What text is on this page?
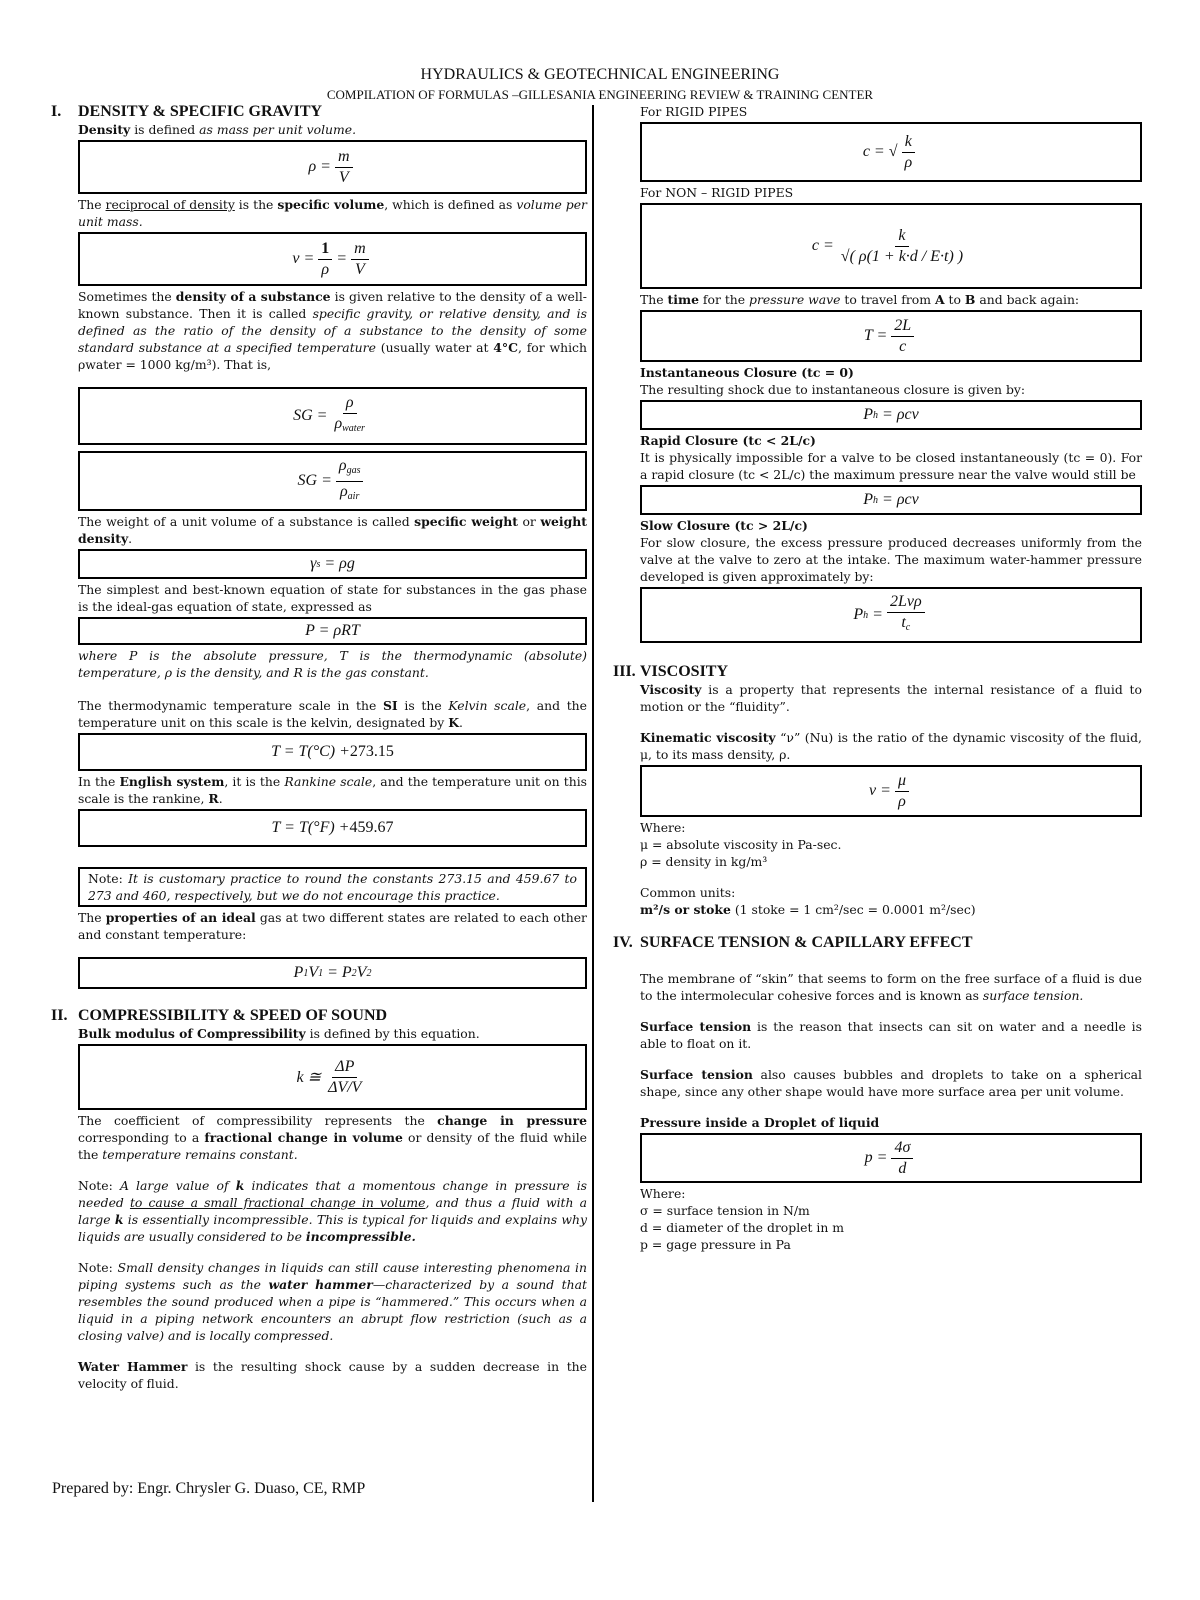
HYDRAULICS & GEOTECHNICAL ENGINEERING
COMPILATION OF FORMULAS –GILLESANIA ENGINEERING REVIEW & TRAINING CENTER
I. DENSITY & SPECIFIC GRAVITY

Density is defined as mass per unit volume.

$\rho = \frac{m}{V}$

The reciprocal of density is the specific volume, which is defined as volume per unit mass.

$\nu = \frac{1}{\rho} = \frac{m}{V}$

Sometimes the density of a substance is given relative to the density of a well-known substance. Then it is called specific gravity, or relative density, and is defined as the ratio of the density of a substance to the density of some standard substance at a specified temperature (usually water at 4°C, for which ρwater = 1000 kg/m³). That is,

SG = $\frac{\rho}{\rho_{water}}$
SG = $\frac{\rho_{gas}}{\rho_{air}}$

The weight of a unit volume of a substance is called specific weight or weight density.

γ s = ρg

The simplest and best-known equation of state for substances in the gas phase is the ideal-gas equation of state, expressed as

P = ρRT

where P is the absolute pressure, T is the thermodynamic (absolute) temperature, ρ is the density, and R is the gas constant.

The thermodynamic temperature scale in the SI is the Kelvin scale, and the temperature unit on this scale is the kelvin, designated by K.

T = T(°C) + 273.15

In the English system, it is the Rankine scale, and the temperature unit on this scale is the rankine, R.

T = T(°F) + 459.67

Note: It is customary practice to round the constants 273.15 and 459.67 to 273 and 460, respectively, but we do not encourage this practice.

The properties of an ideal gas at two different states are related to each other and constant temperature:

P 1 V 1 = P 2 V 2
II. COMPRESSIBILITY & SPEED OF SOUND

Bulk modulus of Compressibility is defined by this equation.

k ≅ $\frac{\Delta P}{\Delta V/V}$

The coefficient of compressibility represents the change in pressure corresponding to a fractional change in volume or density of the fluid while the temperature remains constant.

Note: A large value of k indicates that a momentous change in pressure is needed to cause a small fractional change in volume, and thus a fluid with a large k is essentially incompressible. This is typical for liquids and explains why liquids are usually considered to be incompressible.

Note: Small density changes in liquids can still cause interesting phenomena in piping systems such as the water hammer—characterized by a sound that resembles the sound produced when a pipe is “hammered.” This occurs when a liquid in a piping network encounters an abrupt flow restriction (such as a closing valve) and is locally compressed.

Water Hammer is the resulting shock cause by a sudden decrease in the velocity of fluid.

For RIGID PIPES

c = √ $\frac{k}{\rho}$

For NON – RIGID PIPES

$c = \frac{k}{√( \rho(1 + k\cdot d / E\cdot t) )}$

The time for the pressure wave to travel from A to B and back again:

$T = \frac{2L}{c}$

Instantaneous Closure (tc = 0)

The resulting shock due to instantaneous closure is given by:

P h = ρcv

Rapid Closure (tc < 2L/c)

It is physically impossible for a valve to be closed instantaneously (tc = 0). For a rapid closure (tc < 2L/c) the maximum pressure near the valve would still be

P h = ρcv

Slow Closure (tc > 2L/c)

For slow closure, the excess pressure produced decreases uniformly from the valve at the valve to zero at the intake. The maximum water-hammer pressure developed is given approximately by:

P $h = \frac{\text{2Lvρ}}{t_c}$
III. VISCOSITY

Viscosity is a property that represents the internal resistance of a fluid to motion or the “fluidity”.

Kinematic viscosity “ν” (Nu) is the ratio of the dynamic viscosity of the fluid, μ, to its mass density, ρ.

$\nu = \frac{\mu}{\rho}$

Where:

μ = absolute viscosity in Pa-sec.

ρ = density in kg/m³

Common units:

m²/s or stoke (1 stoke = 1 cm²/sec = 0.0001 m²/sec)

IV. SURFACE TENSION & CAPILLARY EFFECT

The membrane of “skin” that seems to form on the free surface of a fluid is due to the intermolecular cohesive forces and is known as surface tension.

Surface tension is the reason that insects can sit on water and a needle is able to float on it.

Surface tension also causes bubbles and droplets to take on a spherical shape, since any other shape would have more surface area per unit volume.

Pressure inside a Droplet of liquid

$p = \frac{4\sigma}{d}$

Where:

σ = surface tension in N/m

d = diameter of the droplet in m

p = gage pressure in Pa

Prepared by: Engr. Chrysler G. Duaso, CE, RMP
